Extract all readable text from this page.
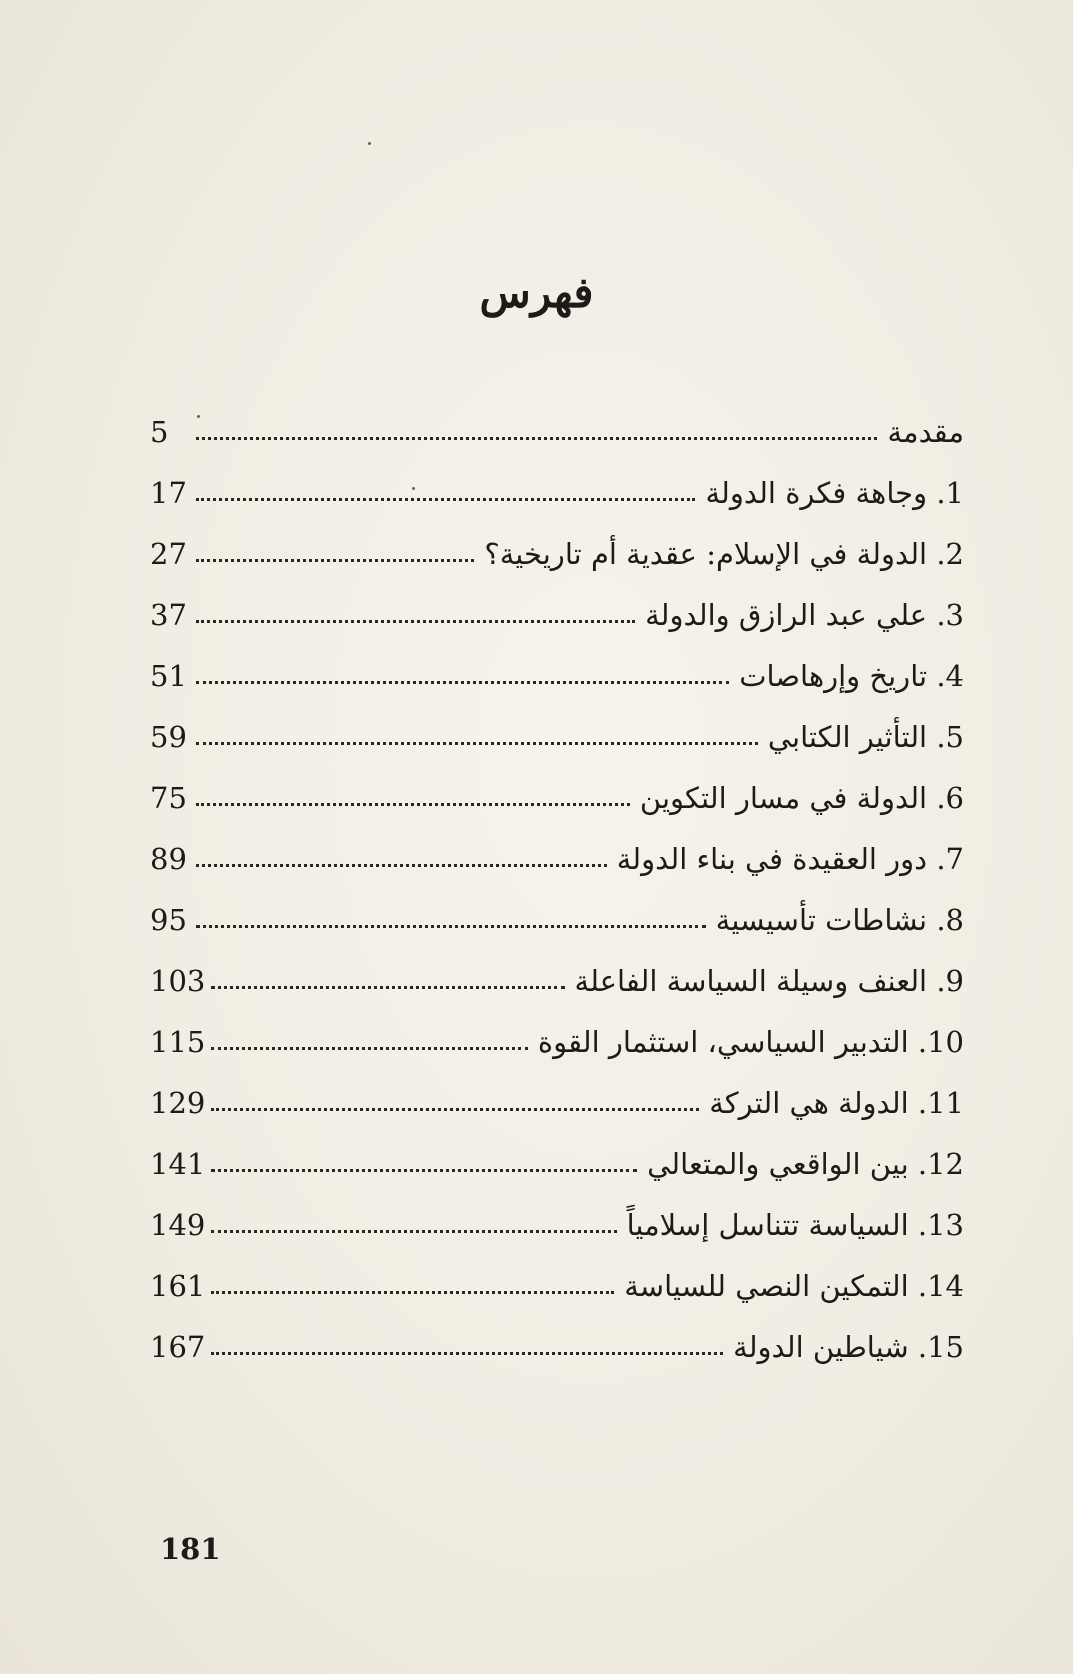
فهرس
مقدمة
5
1. وجاهة فكرة الدولة
17
2. الدولة في الإسلام: عقدية أم تاريخية؟
27
3. علي عبد الرازق والدولة
37
4. تاريخ وإرهاصات
51
5. التأثير الكتابي
59
6. الدولة في مسار التكوين
75
7. دور العقيدة في بناء الدولة
89
8. نشاطات تأسيسية
95
9. العنف وسيلة السياسة الفاعلة
103
10. التدبير السياسي، استثمار القوة
115
11. الدولة هي التركة
129
12. بين الواقعي والمتعالي
141
13. السياسة تتناسل إسلامياً
149
14. التمكين النصي للسياسة
161
15. شياطين الدولة
167
181
